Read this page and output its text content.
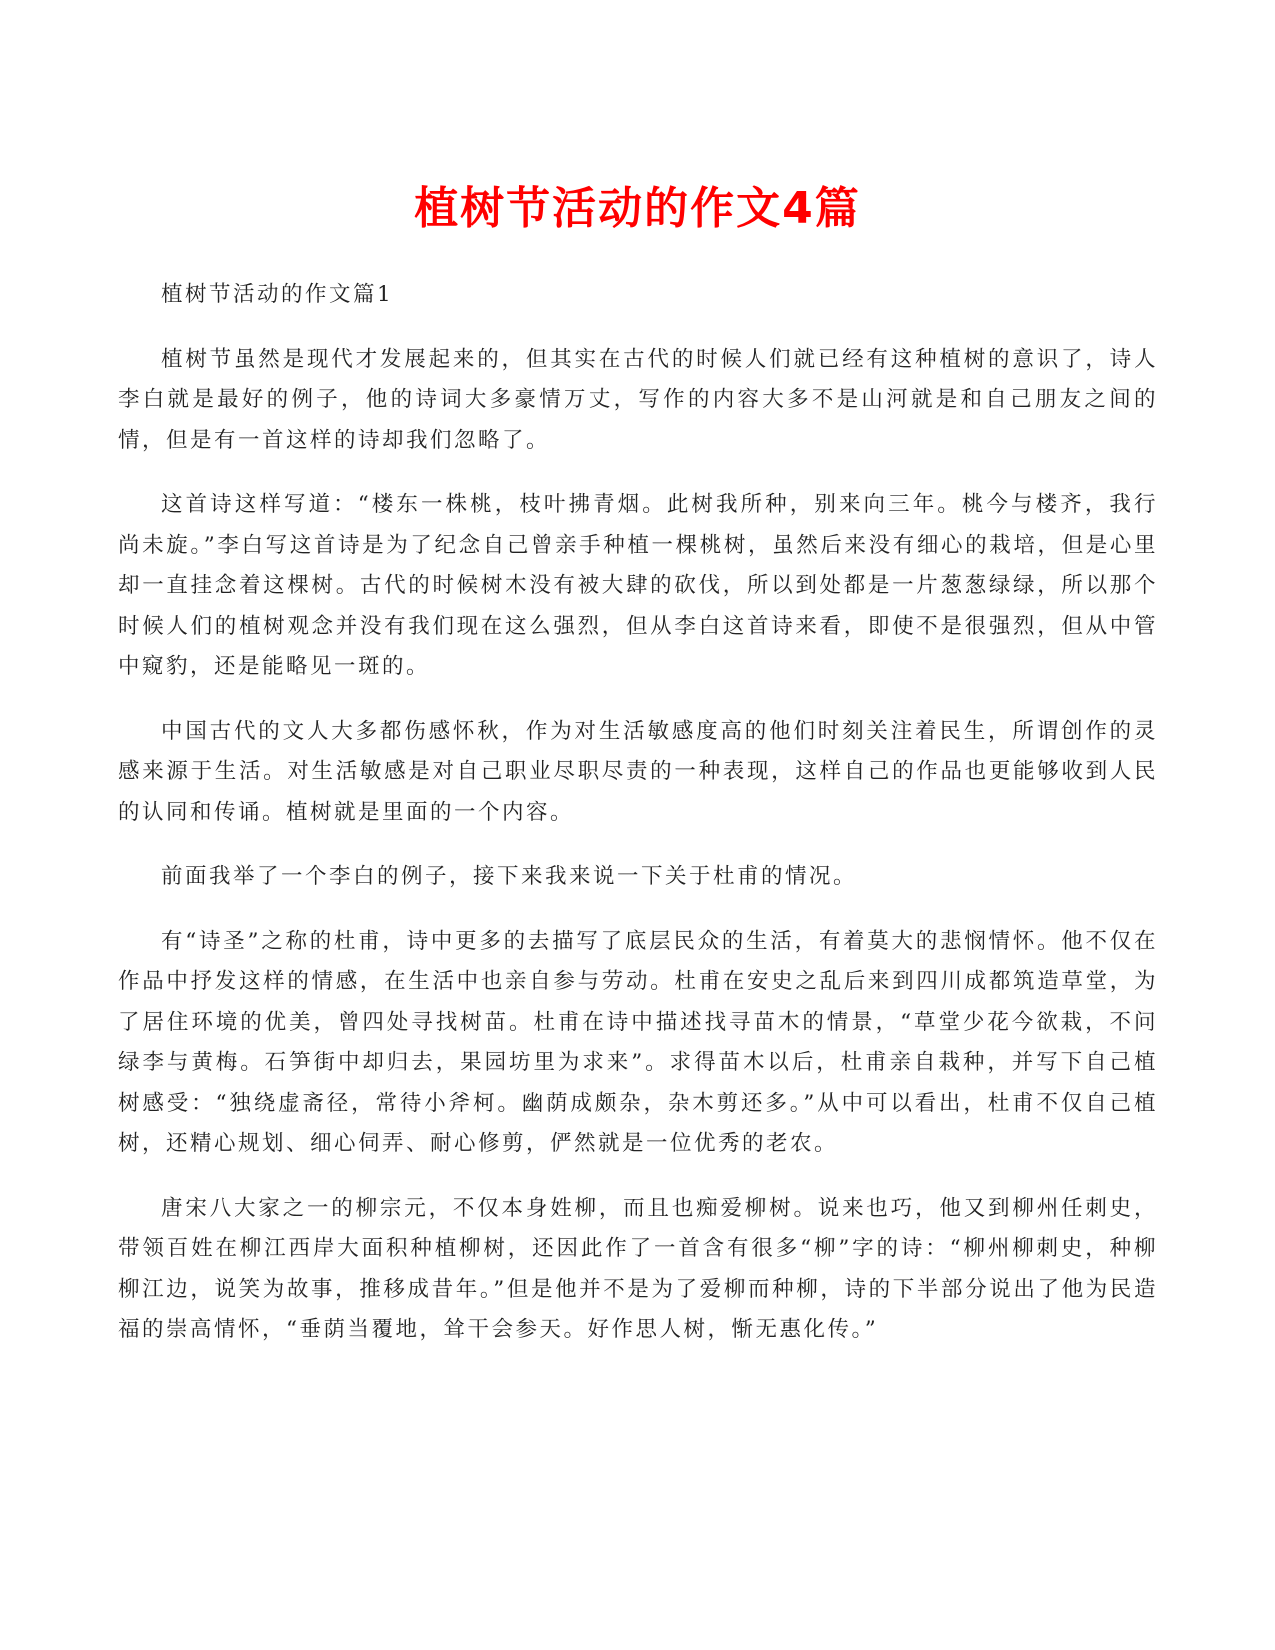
植树节活动的作文4篇

植树节活动的作文篇1

植树节虽然是现代才发展起来的，但其实在古代的时候人们就已经有这种植树的意识了，诗人李白就是最好的例子，他的诗词大多豪情万丈，写作的内容大多不是山河就是和自己朋友之间的情，但是有一首这样的诗却我们忽略了。

这首诗这样写道：“楼东一株桃，枝叶拂青烟。此树我所种，别来向三年。桃今与楼齐，我行尚未旋。”李白写这首诗是为了纪念自己曾亲手种植一棵桃树，虽然后来没有细心的栽培，但是心里却一直挂念着这棵树。古代的时候树木没有被大肆的砍伐，所以到处都是一片葱葱绿绿，所以那个时候人们的植树观念并没有我们现在这么强烈，但从李白这首诗来看，即使不是很强烈，但从中管中窥豹，还是能略见一斑的。

中国古代的文人大多都伤感怀秋，作为对生活敏感度高的他们时刻关注着民生，所谓创作的灵感来源于生活。对生活敏感是对自己职业尽职尽责的一种表现，这样自己的作品也更能够收到人民的认同和传诵。植树就是里面的一个内容。

前面我举了一个李白的例子，接下来我来说一下关于杜甫的情况。

有“诗圣”之称的杜甫，诗中更多的去描写了底层民众的生活，有着莫大的悲悯情怀。他不仅在作品中抒发这样的情感，在生活中也亲自参与劳动。杜甫在安史之乱后来到四川成都筑造草堂，为了居住环境的优美，曾四处寻找树苗。杜甫在诗中描述找寻苗木的情景，“草堂少花今欲栽，不问绿李与黄梅。石笋街中却归去，果园坊里为求来”。求得苗木以后，杜甫亲自栽种，并写下自己植树感受：“独绕虚斋径，常待小斧柯。幽荫成颇杂，杂木剪还多。”从中可以看出，杜甫不仅自己植树，还精心规划、细心伺弄、耐心修剪，俨然就是一位优秀的老农。

唐宋八大家之一的柳宗元，不仅本身姓柳，而且也痴爱柳树。说来也巧，他又到柳州任刺史，带领百姓在柳江西岸大面积种植柳树，还因此作了一首含有很多“柳”字的诗：“柳州柳刺史，种柳柳江边，说笑为故事，推移成昔年。”但是他并不是为了爱柳而种柳，诗的下半部分说出了他为民造福的崇高情怀，“垂荫当覆地，耸干会参天。好作思人树，惭无惠化传。”
